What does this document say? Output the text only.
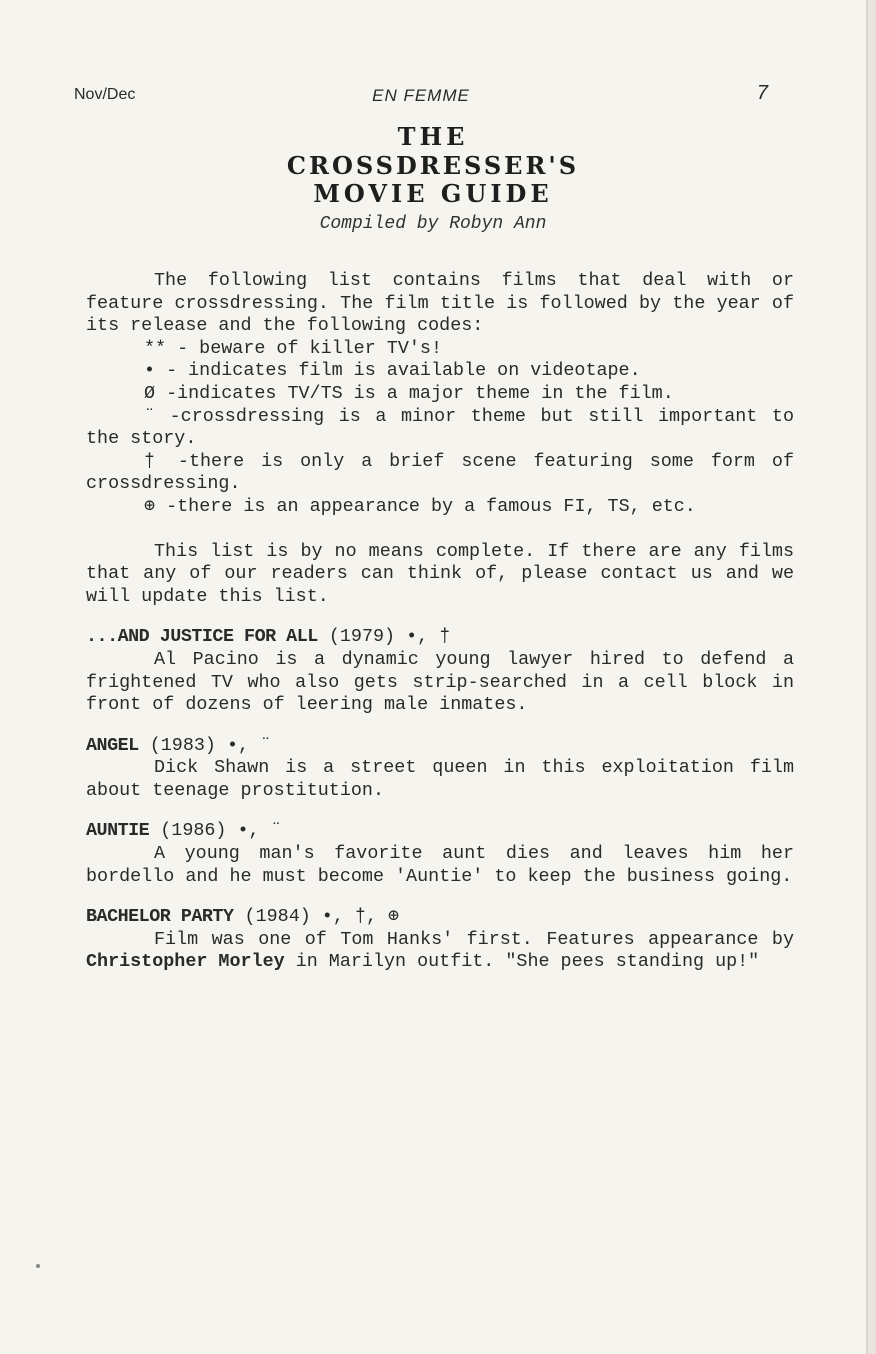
Nov/Dec	EN FEMME	7
THE
CROSSDRESSER'S
MOVIE GUIDE
Compiled by Robyn Ann

The following list contains films that deal with or feature crossdressing. The film title is followed by the year of its release and the following codes:

** - beware of killer TV's!

• - indicates film is available on videotape.

Ø -indicates TV/TS is a major theme in the film.

¨ -crossdressing is a minor theme but still important to the story.

† -there is only a brief scene featuring some form of crossdressing.

⊕ -there is an appearance by a famous FI, TS, etc.

This list is by no means complete. If there are any films that any of our readers can think of, please contact us and we will update this list.

...AND JUSTICE FOR ALL (1979) •, †

Al Pacino is a dynamic young lawyer hired to defend a frightened TV who also gets strip-searched in a cell block in front of dozens of leering male inmates.

ANGEL (1983) •, ¨

Dick Shawn is a street queen in this exploitation film about teenage prostitution.

AUNTIE (1986) •, ¨

A young man's favorite aunt dies and leaves him her bordello and he must become 'Auntie' to keep the business going.

BACHELOR PARTY (1984) •, †, ⊕

Film was one of Tom Hanks' first. Features appearance by Christopher Morley in Marilyn outfit. "She pees standing up!"
